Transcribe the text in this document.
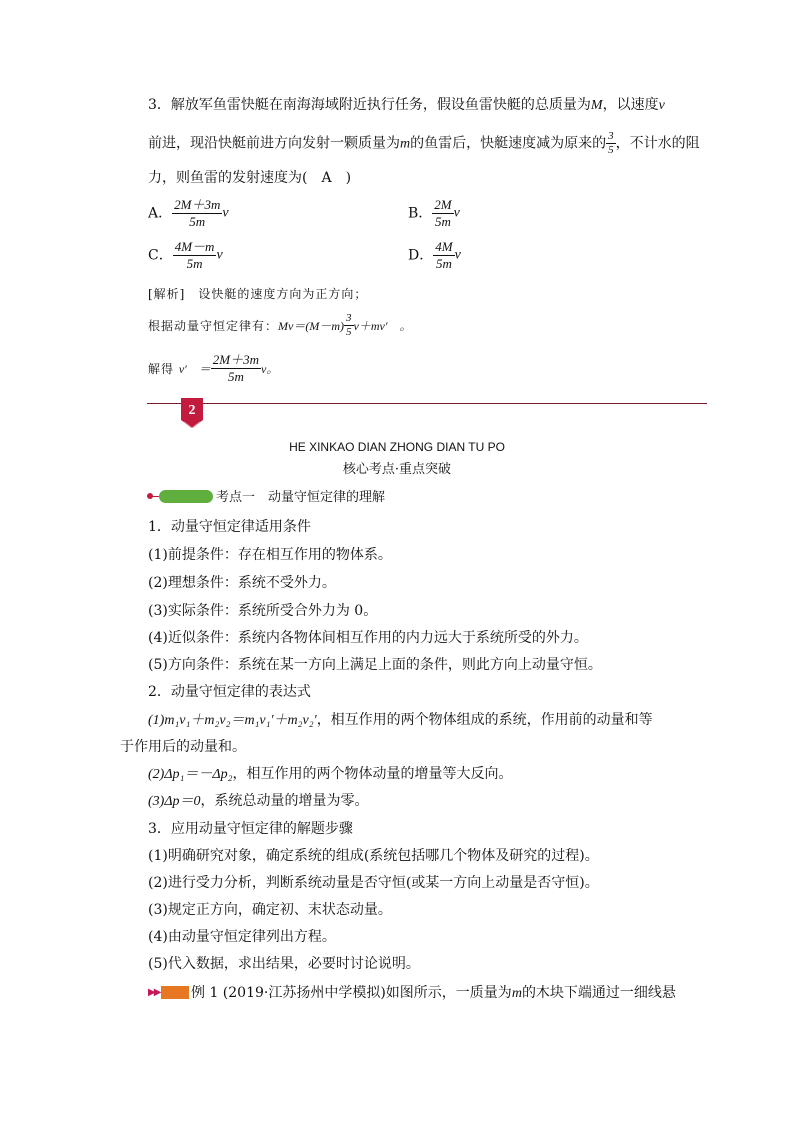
3．解放军鱼雷快艇在南海海域附近执行任务，假设鱼雷快艇的总质量为M，以速度v
前进，现沿快艇前进方向发射一颗质量为m的鱼雷后，快艇速度减为原来的 $\frac{3}{5}$ ，不计水的阻
力，则鱼雷的发射速度为(　A　)
A． $\frac{2M+3m}{5m}$ v	B． $\frac{2M}{5m}$ v
C． $\frac{4M-m}{5m}$ v	D． $\frac{4M}{5m}$ v
[解析]　 设快艇的速度方向为正方向；
根据动量守恒定律有：$Mv=(M-m) \frac{3}{5} v+mv'$　。
解得 v′　＝ $\frac{2M+3m}{5m}$ v。
2
HE XINKAO DIAN ZHONG DIAN TU PO
核心考点·重点突破
考点一　动量守恒定律的理解
1．动量守恒定律适用条件
(1)前提条件：存在相互作用的物体系。
(2)理想条件：系统不受外力。
(3)实际条件：系统所受合外力为 0。
(4)近似条件：系统内各物体间相互作用的内力远大于系统所受的外力。
(5)方向条件：系统在某一方向上满足上面的条件，则此方向上动量守恒。
2．动量守恒定律的表达式
(1)m₁v₁＋m₂v₂＝m₁v₁′＋m₂v₂′，相互作用的两个物体组成的系统，作用前的动量和等
于作用后的动量和。
(2)Δp₁＝－Δp₂，相互作用的两个物体动量的增量等大反向。
(3)Δp＝0，系统总动量的增量为零。
3．应用动量守恒定律的解题步骤
(1)明确研究对象，确定系统的组成(系统包括哪几个物体及研究的过程)。
(2)进行受力分析，判断系统动量是否守恒(或某一方向上动量是否守恒)。
(3)规定正方向，确定初、末状态动量。
(4)由动量守恒定律列出方程。
(5)代入数据，求出结果，必要时讨论说明。
▶▶ 例 1 (2019·江苏扬州中学模拟)如图所示，一质量为m的木块下端通过一细线悬
